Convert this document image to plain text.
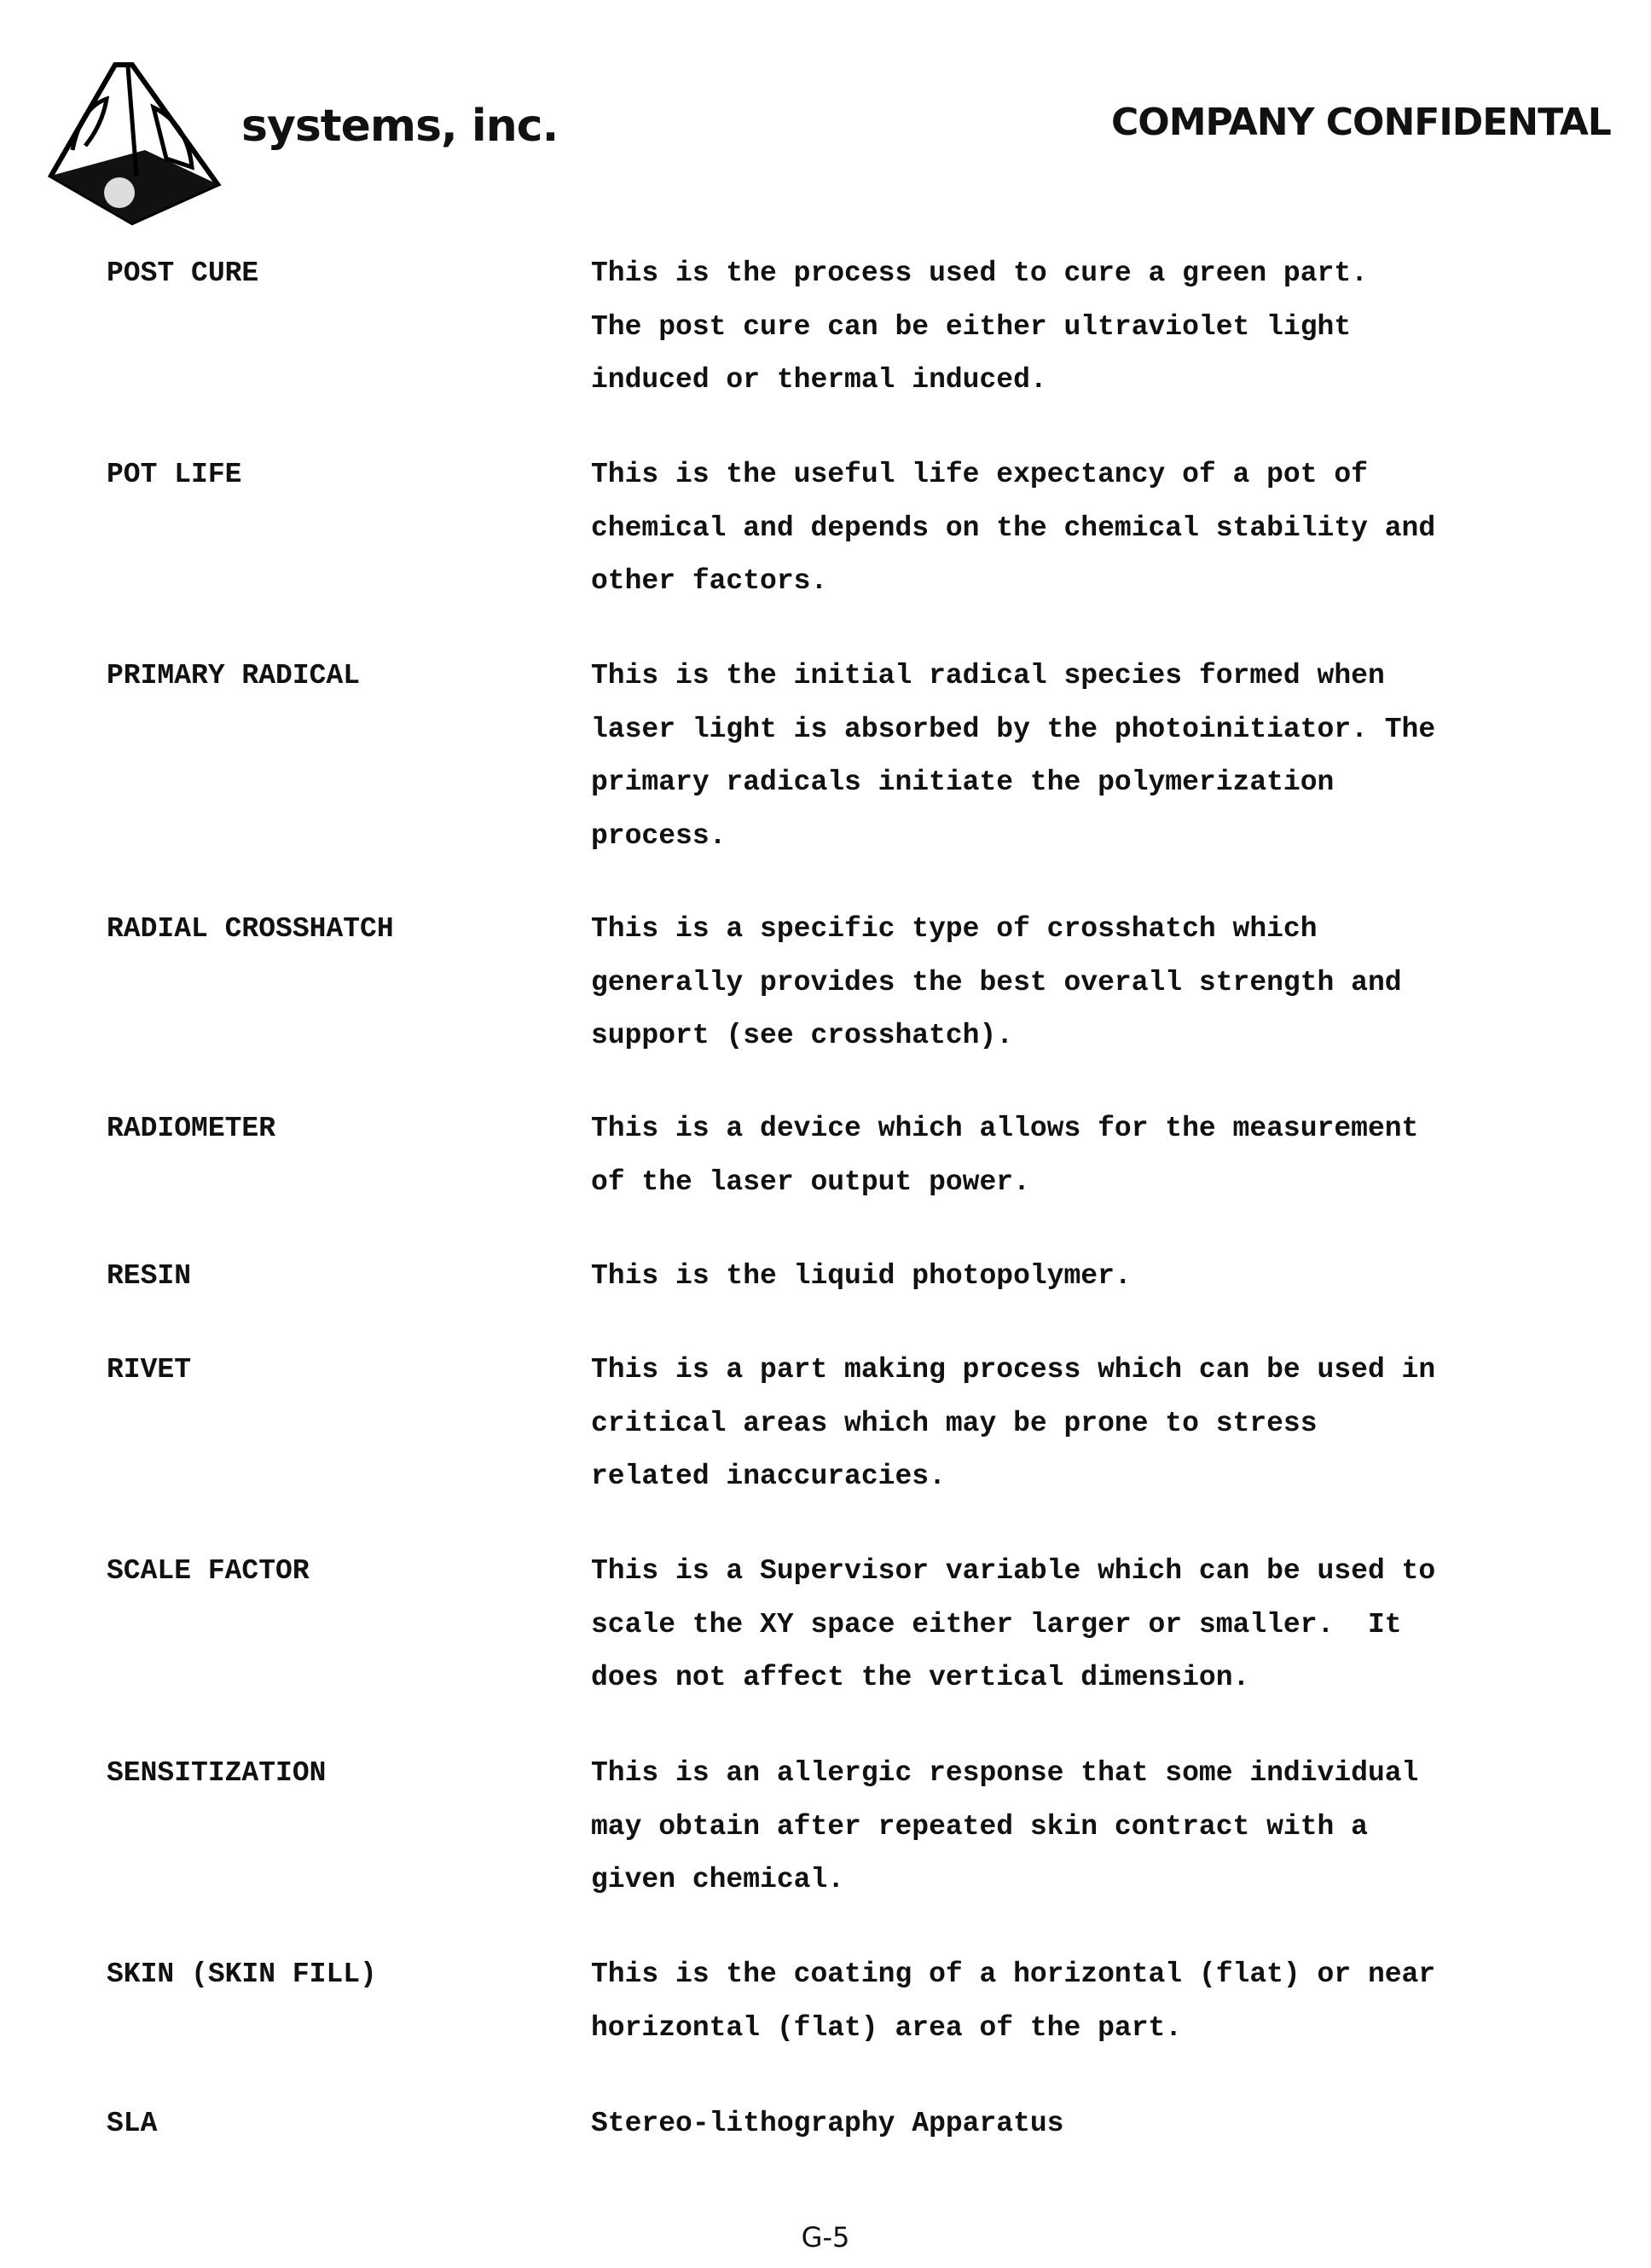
systems, inc.	COMPANY CONFIDENTAL
POST CURE	This is the process used to cure a green part.
The post cure can be either ultraviolet light
induced or thermal induced.
POT LIFE	This is the useful life expectancy of a pot of
chemical and depends on the chemical stability and
other factors.
PRIMARY RADICAL	This is the initial radical species formed when
laser light is absorbed by the photoinitiator. The
primary radicals initiate the polymerization
process.
RADIAL CROSSHATCH	This is a specific type of crosshatch which
generally provides the best overall strength and
support (see crosshatch).
RADIOMETER	This is a device which allows for the measurement
of the laser output power.
RESIN	This is the liquid photopolymer.
RIVET	This is a part making process which can be used in
critical areas which may be prone to stress
related inaccuracies.
SCALE FACTOR	This is a Supervisor variable which can be used to
scale the XY space either larger or smaller.  It
does not affect the vertical dimension.
SENSITIZATION	This is an allergic response that some individual
may obtain after repeated skin contract with a
given chemical.
SKIN (SKIN FILL)	This is the coating of a horizontal (flat) or near
horizontal (flat) area of the part.
SLA	Stereo-lithography Apparatus
G-5
